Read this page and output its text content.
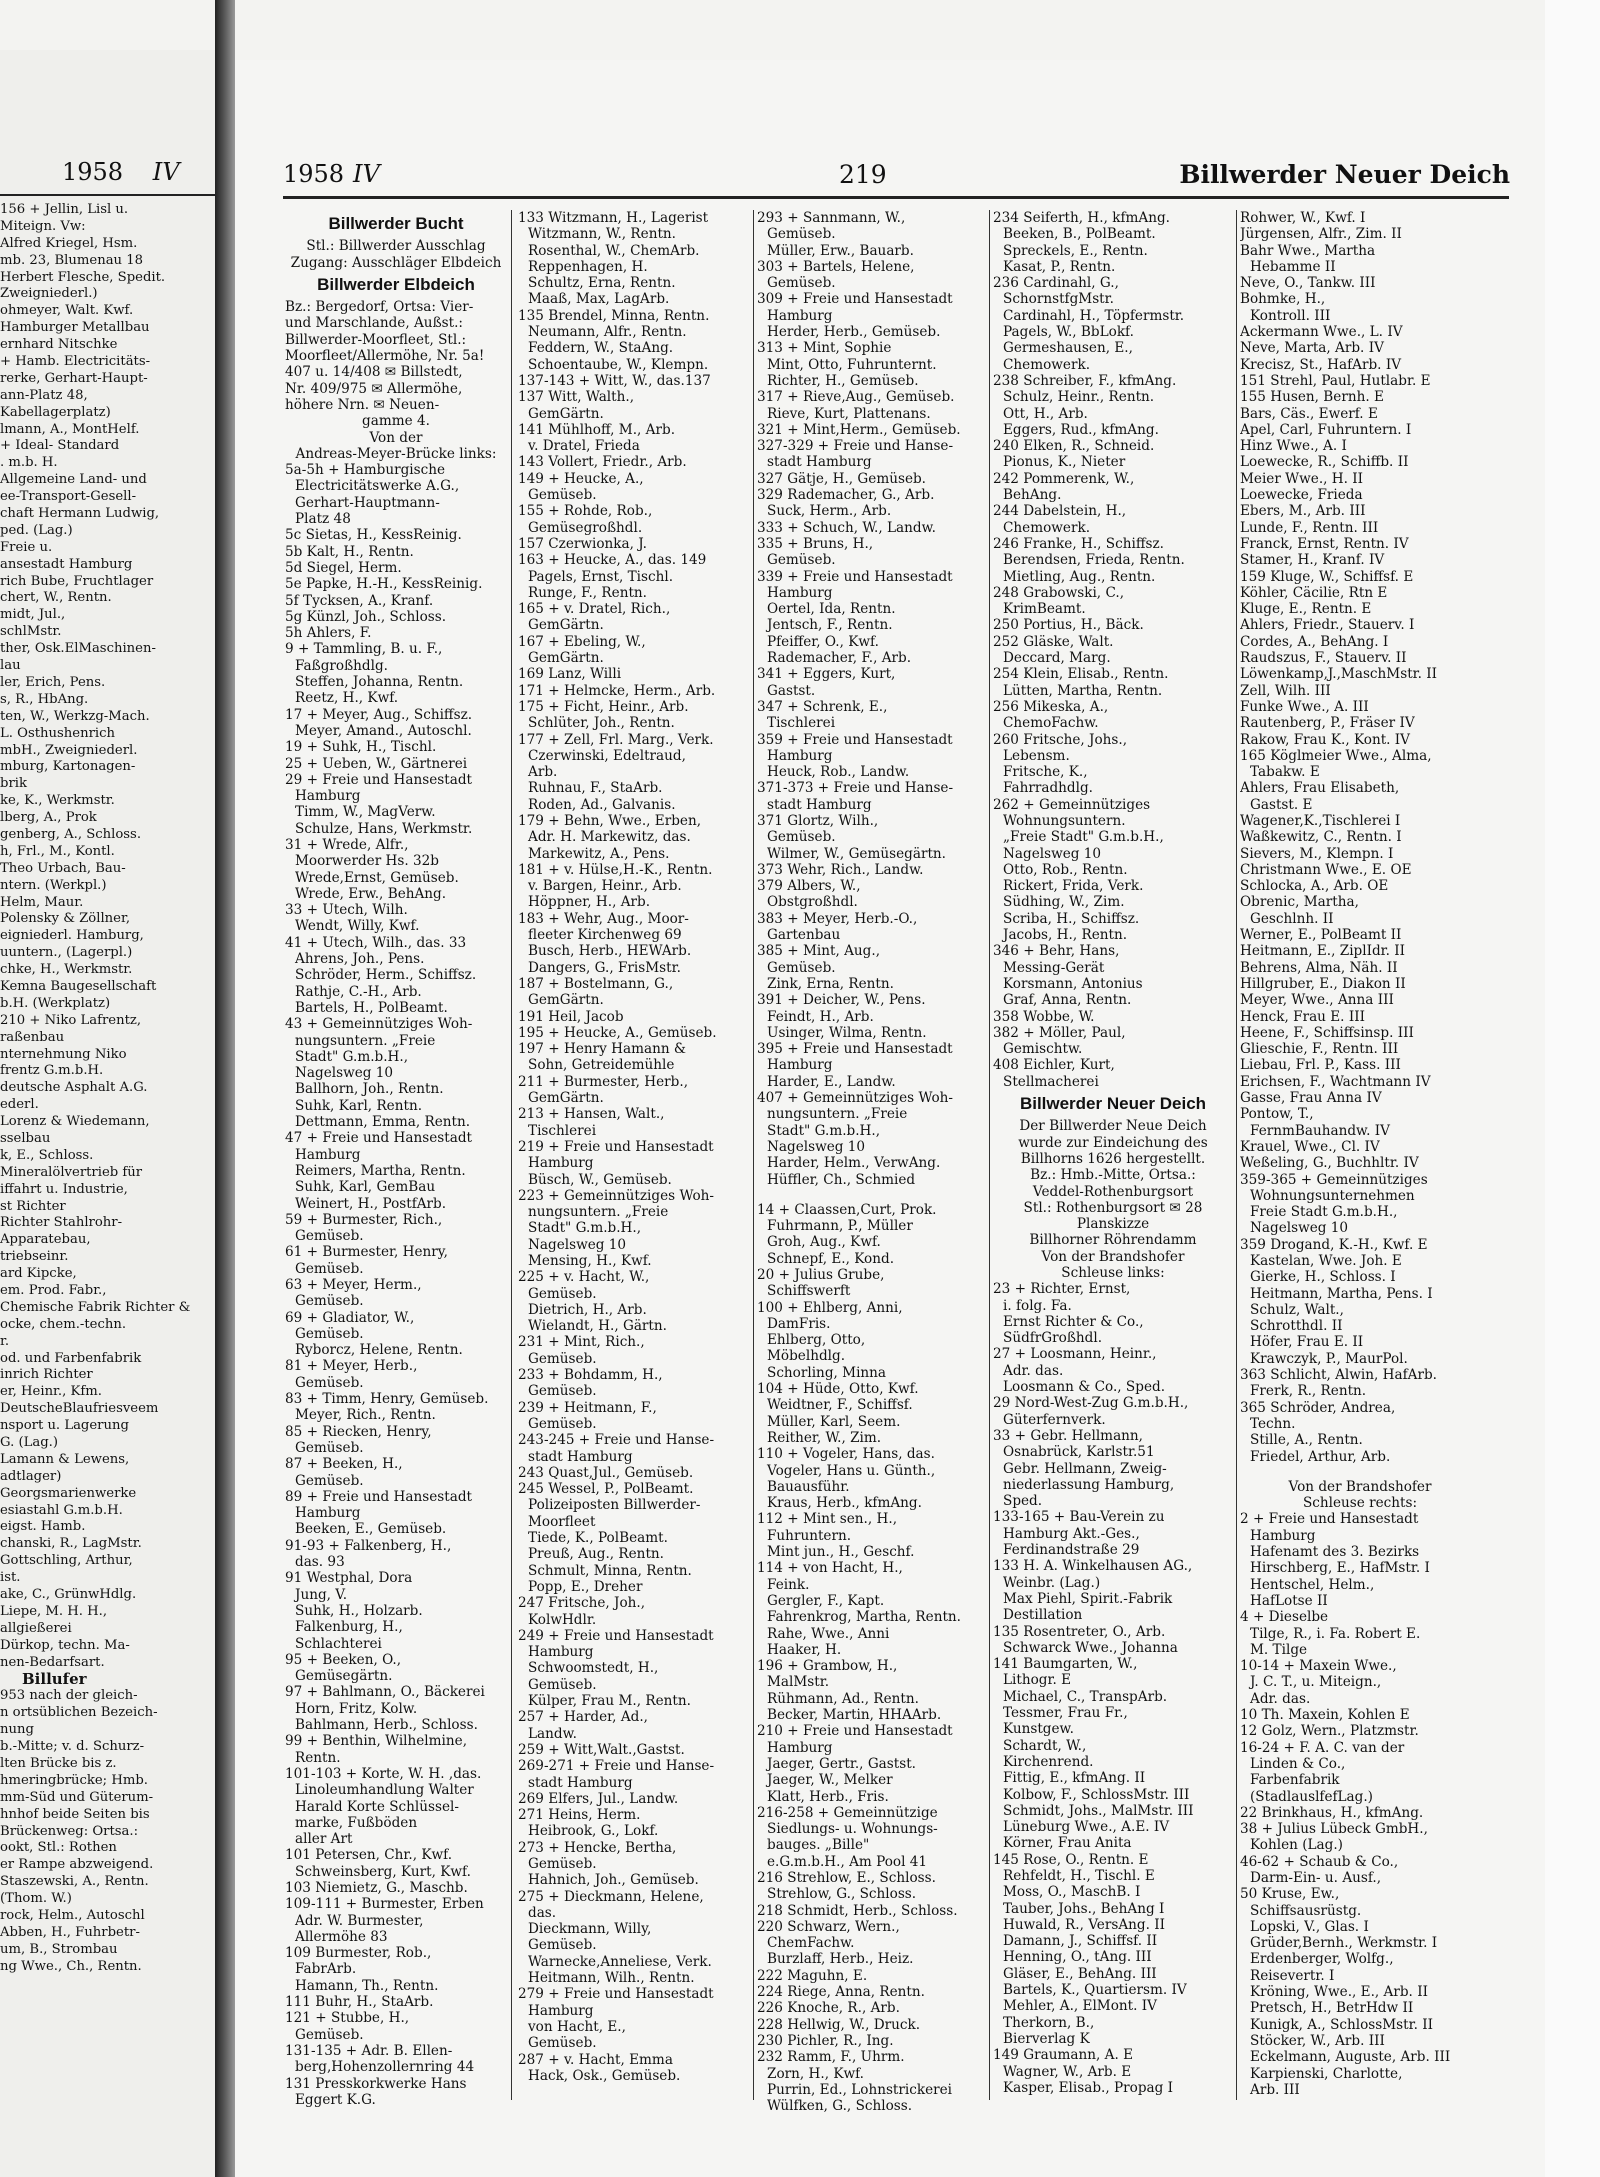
1958 IV
156 + Jellin, Lisl u.
Miteign. Vw:
Alfred Kriegel, Hsm.
mb. 23, Blumenau 18
Herbert Flesche, Spedit.
Zweigniederl.)
ohmeyer, Walt. Kwf.
Hamburger Metallbau
ernhard Nitschke
+ Hamb. Electricitäts-
rerke, Gerhart-Haupt-
ann-Platz 48,
Kabellagerplatz)
lmann, A., MontHelf.
+ Ideal- Standard
. m.b. H.
Allgemeine Land- und
ee-Transport-Gesell-
chaft Hermann Ludwig,
ped. (Lag.)
Freie u.
ansestadt Hamburg
rich Bube, Fruchtlager
chert, W., Rentn.
midt, Jul.,
schlMstr.
ther, Osk.ElMaschinen-
lau
ler, Erich, Pens.
s, R., HbAng.
ten, W., Werkzg-Mach.
L. Osthushenrich
mbH., Zweigniederl.
mburg, Kartonagen-
brik
ke, K., Werkmstr.
lberg, A., Prok
genberg, A., Schloss.
h, Frl., M., Kontl.
Theo Urbach, Bau-
ntern. (Werkpl.)
Helm, Maur.
Polensky & Zöllner,
eigniederl. Hamburg,
uuntern., (Lagerpl.)
chke, H., Werkmstr.
Kemna Baugesellschaft
b.H. (Werkplatz)
210 + Niko Lafrentz,
raßenbau
nternehmung Niko
frentz G.m.b.H.
deutsche Asphalt A.G.
ederl.
Lorenz & Wiedemann,
sselbau
k, E., Schloss.
Mineralölvertrieb für
iffahrt u. Industrie,
st Richter
Richter Stahlrohr-
Apparatebau,
triebseinr.
ard Kipcke,
em. Prod. Fabr.,
Chemische Fabrik Richter &
ocke, chem.-techn.
r.
od. und Farbenfabrik
inrich Richter
er, Heinr., Kfm.
DeutscheBlaufriesveem
nsport u. Lagerung
G. (Lag.)
Lamann & Lewens,
adtlager)
Georgsmarienwerke
esiastahl G.m.b.H.
eigst. Hamb.
chanski, R., LagMstr.
Gottschling, Arthur,
ist.
ake, C., GrünwHdlg.
Liepe, M. H. H.,
allgießerei
Dürkop, techn. Ma-
nen-Bedarfsart.
Billufer
953 nach der gleich-
n ortsüblichen Bezeich-
nung
b.-Mitte; v. d. Schurz-
lten Brücke bis z.
hmeringbrücke; Hmb.
mm-Süd und Güterum-
hnhof beide Seiten bis
Brückenweg: Ortsa.:
ookt, Stl.: Rothen
er Rampe abzweigend.
Staszewski, A., Rentn.
(Thom. W.)
rock, Helm., Autoschl
Abben, H., Fuhrbetr-
um, B., Strombau
ng Wwe., Ch., Rentn.
1958 IV	219	Billwerder Neuer Deich
Billwerder Bucht
Stl.: Billwerder Ausschlag
Zugang: Ausschläger Elbdeich
Billwerder Elbdeich
Bz.: Bergedorf, Ortsa: Vier-
und Marschlande, Außst.:
Billwerder-Moorfleet, Stl.:
Moorfleet/Allermöhe, Nr. 5a!
407 u. 14/408 ✉ Billstedt,
Nr. 409/975 ✉ Allermöhe,
höhere Nrn. ✉ Neuen-
gamme 4.
Von der
Andreas-Meyer-Brücke links:
5a-5h + Hamburgische
Electricitätswerke A.G.,
Gerhart-Hauptmann-
Platz 48
5c Sietas, H., KessReinig.
5b Kalt, H., Rentn.
5d Siegel, Herm.
5e Papke, H.-H., KessReinig.
5f Tycksen, A., Kranf.
5g Künzl, Joh., Schloss.
5h Ahlers, F.
9 + Tammling, B. u. F.,
Faßgroßhdlg.
Steffen, Johanna, Rentn.
Reetz, H., Kwf.
17 + Meyer, Aug., Schiffsz.
Meyer, Amand., Autoschl.
19 + Suhk, H., Tischl.
25 + Ueben, W., Gärtnerei
29 + Freie und Hansestadt
Hamburg
Timm, W., MagVerw.
Schulze, Hans, Werkmstr.
31 + Wrede, Alfr.,
Moorwerder Hs. 32b
Wrede,Ernst, Gemüseb.
Wrede, Erw., BehAng.
33 + Utech, Wilh.
Wendt, Willy, Kwf.
41 + Utech, Wilh., das. 33
Ahrens, Joh., Pens.
Schröder, Herm., Schiffsz.
Rathje, C.-H., Arb.
Bartels, H., PolBeamt.
43 + Gemeinnütziges Woh-
nungsuntern. „Freie
Stadt" G.m.b.H.,
Nagelsweg 10
Ballhorn, Joh., Rentn.
Suhk, Karl, Rentn.
Dettmann, Emma, Rentn.
47 + Freie und Hansestadt
Hamburg
Reimers, Martha, Rentn.
Suhk, Karl, GemBau
Weinert, H., PostfArb.
59 + Burmester, Rich.,
Gemüseb.
61 + Burmester, Henry,
Gemüseb.
63 + Meyer, Herm.,
Gemüseb.
69 + Gladiator, W.,
Gemüseb.
Ryborcz, Helene, Rentn.
81 + Meyer, Herb.,
Gemüseb.
83 + Timm, Henry, Gemüseb.
Meyer, Rich., Rentn.
85 + Riecken, Henry,
Gemüseb.
87 + Beeken, H.,
Gemüseb.
89 + Freie und Hansestadt
Hamburg
Beeken, E., Gemüseb.
91-93 + Falkenberg, H.,
das. 93
91 Westphal, Dora
Jung, V.
Suhk, H., Holzarb.
Falkenburg, H.,
Schlachterei
95 + Beeken, O.,
Gemüsegärtn.
97 + Bahlmann, O., Bäckerei
Horn, Fritz, Kolw.
Bahlmann, Herb., Schloss.
99 + Benthin, Wilhelmine,
Rentn.
101-103 + Korte, W. H. ,das.
Linoleumhandlung Walter
Harald Korte Schlüssel-
marke, Fußböden
aller Art
101 Petersen, Chr., Kwf.
Schweinsberg, Kurt, Kwf.
103 Niemietz, G., Maschb.
109-111 + Burmester, Erben
Adr. W. Burmester,
Allermöhe 83
109 Burmester, Rob.,
FabrArb.
Hamann, Th., Rentn.
111 Buhr, H., StaArb.
121 + Stubbe, H.,
Gemüseb.
131-135 + Adr. B. Ellen-
berg,Hohenzollernring 44
131 Presskorkwerke Hans
Eggert K.G.
133 Witzmann, H., Lagerist
Witzmann, W., Rentn.
Rosenthal, W., ChemArb.
Reppenhagen, H.
Schultz, Erna, Rentn.
Maaß, Max, LagArb.
135 Brendel, Minna, Rentn.
Neumann, Alfr., Rentn.
Feddern, W., StaAng.
Schoentaube, W., Klempn.
137-143 + Witt, W., das.137
137 Witt, Walth.,
GemGärtn.
141 Mühlhoff, M., Arb.
v. Dratel, Frieda
143 Vollert, Friedr., Arb.
149 + Heucke, A.,
Gemüseb.
155 + Rohde, Rob.,
Gemüsegroßhdl.
157 Czerwionka, J.
163 + Heucke, A., das. 149
Pagels, Ernst, Tischl.
Runge, F., Rentn.
165 + v. Dratel, Rich.,
GemGärtn.
167 + Ebeling, W.,
GemGärtn.
169 Lanz, Willi
171 + Helmcke, Herm., Arb.
175 + Ficht, Heinr., Arb.
Schlüter, Joh., Rentn.
177 + Zell, Frl. Marg., Verk.
Czerwinski, Edeltraud,
Arb.
Ruhnau, F., StaArb.
Roden, Ad., Galvanis.
179 + Behn, Wwe., Erben,
Adr. H. Markewitz, das.
Markewitz, A., Pens.
181 + v. Hülse,H.-K., Rentn.
v. Bargen, Heinr., Arb.
Höppner, H., Arb.
183 + Wehr, Aug., Moor-
fleeter Kirchenweg 69
Busch, Herb., HEWArb.
Dangers, G., FrisMstr.
187 + Bostelmann, G.,
GemGärtn.
191 Heil, Jacob
195 + Heucke, A., Gemüseb.
197 + Henry Hamann &
Sohn, Getreidemühle
211 + Burmester, Herb.,
GemGärtn.
213 + Hansen, Walt.,
Tischlerei
219 + Freie und Hansestadt
Hamburg
Büsch, W., Gemüseb.
223 + Gemeinnütziges Woh-
nungsuntern. „Freie
Stadt" G.m.b.H.,
Nagelsweg 10
Mensing, H., Kwf.
225 + v. Hacht, W.,
Gemüseb.
Dietrich, H., Arb.
Wielandt, H., Gärtn.
231 + Mint, Rich.,
Gemüseb.
233 + Bohdamm, H.,
Gemüseb.
239 + Heitmann, F.,
Gemüseb.
243-245 + Freie und Hanse-
stadt Hamburg
243 Quast,Jul., Gemüseb.
245 Wessel, P., PolBeamt.
Polizeiposten Billwerder-
Moorfleet
Tiede, K., PolBeamt.
Preuß, Aug., Rentn.
Schmult, Minna, Rentn.
Popp, E., Dreher
247 Fritsche, Joh.,
KolwHdlr.
249 + Freie und Hansestadt
Hamburg
Schwoomstedt, H.,
Gemüseb.
Külper, Frau M., Rentn.
257 + Harder, Ad.,
Landw.
259 + Witt,Walt.,Gastst.
269-271 + Freie und Hanse-
stadt Hamburg
269 Elfers, Jul., Landw.
271 Heins, Herm.
Heibrook, G., Lokf.
273 + Hencke, Bertha,
Gemüseb.
Hahnich, Joh., Gemüseb.
275 + Dieckmann, Helene,
das.
Dieckmann, Willy,
Gemüseb.
Warnecke,Anneliese, Verk.
Heitmann, Wilh., Rentn.
279 + Freie und Hansestadt
Hamburg
von Hacht, E.,
Gemüseb.
287 + v. Hacht, Emma
Hack, Osk., Gemüseb.
293 + Sannmann, W.,
Gemüseb.
Müller, Erw., Bauarb.
303 + Bartels, Helene,
Gemüseb.
309 + Freie und Hansestadt
Hamburg
Herder, Herb., Gemüseb.
313 + Mint, Sophie
Mint, Otto, Fuhrunternt.
Richter, H., Gemüseb.
317 + Rieve,Aug., Gemüseb.
Rieve, Kurt, Plattenans.
321 + Mint,Herm., Gemüseb.
327-329 + Freie und Hanse-
stadt Hamburg
327 Gätje, H., Gemüseb.
329 Rademacher, G., Arb.
Suck, Herm., Arb.
333 + Schuch, W., Landw.
335 + Bruns, H.,
Gemüseb.
339 + Freie und Hansestadt
Hamburg
Oertel, Ida, Rentn.
Jentsch, F., Rentn.
Pfeiffer, O., Kwf.
Rademacher, F., Arb.
341 + Eggers, Kurt,
Gastst.
347 + Schrenk, E.,
Tischlerei
359 + Freie und Hansestadt
Hamburg
Heuck, Rob., Landw.
371-373 + Freie und Hanse-
stadt Hamburg
371 Glortz, Wilh.,
Gemüseb.
Wilmer, W., Gemüsegärtn.
373 Wehr, Rich., Landw.
379 Albers, W.,
Obstgroßhdl.
383 + Meyer, Herb.-O.,
Gartenbau
385 + Mint, Aug.,
Gemüseb.
Zink, Erna, Rentn.
391 + Deicher, W., Pens.
Feindt, H., Arb.
Usinger, Wilma, Rentn.
395 + Freie und Hansestadt
Hamburg
Harder, E., Landw.
407 + Gemeinnütziges Woh-
nungsuntern. „Freie
Stadt" G.m.b.H.,
Nagelsweg 10
Harder, Helm., VerwAng.
Hüffler, Ch., Schmied
14 + Claassen,Curt, Prok.
Fuhrmann, P., Müller
Groh, Aug., Kwf.
Schnepf, E., Kond.
20 + Julius Grube,
Schiffswerft
100 + Ehlberg, Anni,
DamFris.
Ehlberg, Otto,
Möbelhdlg.
Schorling, Minna
104 + Hüde, Otto, Kwf.
Weidtner, F., Schiffsf.
Müller, Karl, Seem.
Reither, W., Zim.
110 + Vogeler, Hans, das.
Vogeler, Hans u. Günth.,
Bauausführ.
Kraus, Herb., kfmAng.
112 + Mint sen., H.,
Fuhruntern.
Mint jun., H., Geschf.
114 + von Hacht, H.,
Feink.
Gergler, F., Kapt.
Fahrenkrog, Martha, Rentn.
Rahe, Wwe., Anni
Haaker, H.
196 + Grambow, H.,
MalMstr.
Rühmann, Ad., Rentn.
Becker, Martin, HHAArb.
210 + Freie und Hansestadt
Hamburg
Jaeger, Gertr., Gastst.
Jaeger, W., Melker
Klatt, Herb., Fris.
216-258 + Gemeinnützige
Siedlungs- u. Wohnungs-
bauges. „Bille"
e.G.m.b.H., Am Pool 41
216 Strehlow, E., Schloss.
Strehlow, G., Schloss.
218 Schmidt, Herb., Schloss.
220 Schwarz, Wern.,
ChemFachw.
Burzlaff, Herb., Heiz.
222 Maguhn, E.
224 Riege, Anna, Rentn.
226 Knoche, R., Arb.
228 Hellwig, W., Druck.
230 Pichler, R., Ing.
232 Ramm, F., Uhrm.
Zorn, H., Kwf.
Purrin, Ed., Lohnstrickerei
Wülfken, G., Schloss.
234 Seiferth, H., kfmAng.
Beeken, B., PolBeamt.
Spreckels, E., Rentn.
Kasat, P., Rentn.
236 Cardinahl, G.,
SchornstfgMstr.
Cardinahl, H., Töpfermstr.
Pagels, W., BbLokf.
Germeshausen, E.,
Chemowerk.
238 Schreiber, F., kfmAng.
Schulz, Heinr., Rentn.
Ott, H., Arb.
Eggers, Rud., kfmAng.
240 Elken, R., Schneid.
Pionus, K., Nieter
242 Pommerenk, W.,
BehAng.
244 Dabelstein, H.,
Chemowerk.
246 Franke, H., Schiffsz.
Berendsen, Frieda, Rentn.
Mietling, Aug., Rentn.
248 Grabowski, C.,
KrimBeamt.
250 Portius, H., Bäck.
252 Gläske, Walt.
Deccard, Marg.
254 Klein, Elisab., Rentn.
Lütten, Martha, Rentn.
256 Mikeska, A.,
ChemoFachw.
260 Fritsche, Johs.,
Lebensm.
Fritsche, K.,
Fahrradhdlg.
262 + Gemeinnütziges
Wohnungsuntern.
„Freie Stadt" G.m.b.H.,
Nagelsweg 10
Otto, Rob., Rentn.
Rickert, Frida, Verk.
Südhing, W., Zim.
Scriba, H., Schiffsz.
Jacobs, H., Rentn.
346 + Behr, Hans,
Messing-Gerät
Korsmann, Antonius
Graf, Anna, Rentn.
358 Wobbe, W.
382 + Möller, Paul,
Gemischtw.
408 Eichler, Kurt,
Stellmacherei
Billwerder Neuer Deich
Der Billwerder Neue Deich
wurde zur Eindeichung des
Billhorns 1626 hergestellt.
Bz.: Hmb.-Mitte, Ortsa.:
Veddel-Rothenburgsort
Stl.: Rothenburgsort ✉ 28
Planskizze
Billhorner Röhrendamm
Von der Brandshofer
Schleuse links:
23 + Richter, Ernst,
i. folg. Fa.
Ernst Richter & Co.,
SüdfrGroßhdl.
27 + Loosmann, Heinr.,
Adr. das.
Loosmann & Co., Sped.
29 Nord-West-Zug G.m.b.H.,
Güterfernverk.
33 + Gebr. Hellmann,
Osnabrück, Karlstr.51
Gebr. Hellmann, Zweig-
niederlassung Hamburg,
Sped.
133-165 + Bau-Verein zu
Hamburg Akt.-Ges.,
Ferdinandstraße 29
133 H. A. Winkelhausen AG.,
Weinbr. (Lag.)
Max Piehl, Spirit.-Fabrik
Destillation
135 Rosentreter, O., Arb.
Schwarck Wwe., Johanna
141 Baumgarten, W.,
Lithogr. E
Michael, C., TranspArb.
Tessmer, Frau Fr.,
Kunstgew.
Schardt, W.,
Kirchenrend.
Fittig, E., kfmAng. II
Kolbow, F., SchlossMstr. III
Schmidt, Johs., MalMstr. III
Lüneburg Wwe., A.E. IV
Körner, Frau Anita
145 Rose, O., Rentn. E
Rehfeldt, H., Tischl. E
Moss, O., MaschB. I
Tauber, Johs., BehAng I
Huwald, R., VersAng. II
Damann, J., Schiffsf. II
Henning, O., tAng. III
Gläser, E., BehAng. III
Bartels, K., Quartiersm. IV
Mehler, A., ElMont. IV
Therkorn, B.,
Bierverlag K
149 Graumann, A. E
Wagner, W., Arb. E
Kasper, Elisab., Propag I
Rohwer, W., Kwf. I
Jürgensen, Alfr., Zim. II
Bahr Wwe., Martha
Hebamme II
Neve, O., Tankw. III
Bohmke, H.,
Kontroll. III
Ackermann Wwe., L. IV
Neve, Marta, Arb. IV
Krecisz, St., HafArb. IV
151 Strehl, Paul, Hutlabr. E
155 Husen, Bernh. E
Bars, Cäs., Ewerf. E
Apel, Carl, Fuhruntern. I
Hinz Wwe., A. I
Loewecke, R., Schiffb. II
Meier Wwe., H. II
Loewecke, Frieda
Ebers, M., Arb. III
Lunde, F., Rentn. III
Franck, Ernst, Rentn. IV
Stamer, H., Kranf. IV
159 Kluge, W., Schiffsf. E
Köhler, Cäcilie, Rtn E
Kluge, E., Rentn. E
Ahlers, Friedr., Stauerv. I
Cordes, A., BehAng. I
Raudszus, F., Stauerv. II
Löwenkamp,J.,MaschMstr. II
Zell, Wilh. III
Funke Wwe., A. III
Rautenberg, P., Fräser IV
Rakow, Frau K., Kont. IV
165 Köglmeier Wwe., Alma,
Tabakw. E
Ahlers, Frau Elisabeth,
Gastst. E
Wagener,K.,Tischlerei I
Waßkewitz, C., Rentn. I
Sievers, M., Klempn. I
Christmann Wwe., E. OE
Schlocka, A., Arb. OE
Obrenic, Martha,
Geschlnh. II
Werner, E., PolBeamt II
Heitmann, E., ZiplIdr. II
Behrens, Alma, Näh. II
Hillgruber, E., Diakon II
Meyer, Wwe., Anna III
Henck, Frau E. III
Heene, F., Schiffsinsp. III
Glieschie, F., Rentn. III
Liebau, Frl. P., Kass. III
Erichsen, F., Wachtmann IV
Gasse, Frau Anna IV
Pontow, T.,
FernmBauhandw. IV
Krauel, Wwe., Cl. IV
Weßeling, G., Buchhltr. IV
359-365 + Gemeinnütziges
Wohnungsunternehmen
Freie Stadt G.m.b.H.,
Nagelsweg 10
359 Drogand, K.-H., Kwf. E
Kastelan, Wwe. Joh. E
Gierke, H., Schloss. I
Heitmann, Martha, Pens. I
Schulz, Walt.,
Schrotthdl. II
Höfer, Frau E. II
Krawczyk, P., MaurPol.
363 Schlicht, Alwin, HafArb.
Frerk, R., Rentn.
365 Schröder, Andrea,
Techn.
Stille, A., Rentn.
Friedel, Arthur, Arb.
Von der Brandshofer
Schleuse rechts:
2 + Freie und Hansestadt
Hamburg
Hafenamt des 3. Bezirks
Hirschberg, E., HafMstr. I
Hentschel, Helm.,
HafLotse II
4 + Dieselbe
Tilge, R., i. Fa. Robert E.
M. Tilge
10-14 + Maxein Wwe.,
J. C. T., u. Miteign.,
Adr. das.
10 Th. Maxein, Kohlen E
12 Golz, Wern., Platzmstr.
16-24 + F. A. C. van der
Linden & Co.,
Farbenfabrik
(StadlauslfefLag.)
22 Brinkhaus, H., kfmAng.
38 + Julius Lübeck GmbH.,
Kohlen (Lag.)
46-62 + Schaub & Co.,
Darm-Ein- u. Ausf.,
50 Kruse, Ew.,
Schiffsausrüstg.
Lopski, V., Glas. I
Grüder,Bernh., Werkmstr. I
Erdenberger, Wolfg.,
Reisevertr. I
Kröning, Wwe., E., Arb. II
Pretsch, H., BetrHdw II
Kunigk, A., SchlossMstr. II
Stöcker, W., Arb. III
Eckelmann, Auguste, Arb. III
Karpienski, Charlotte,
Arb. III
